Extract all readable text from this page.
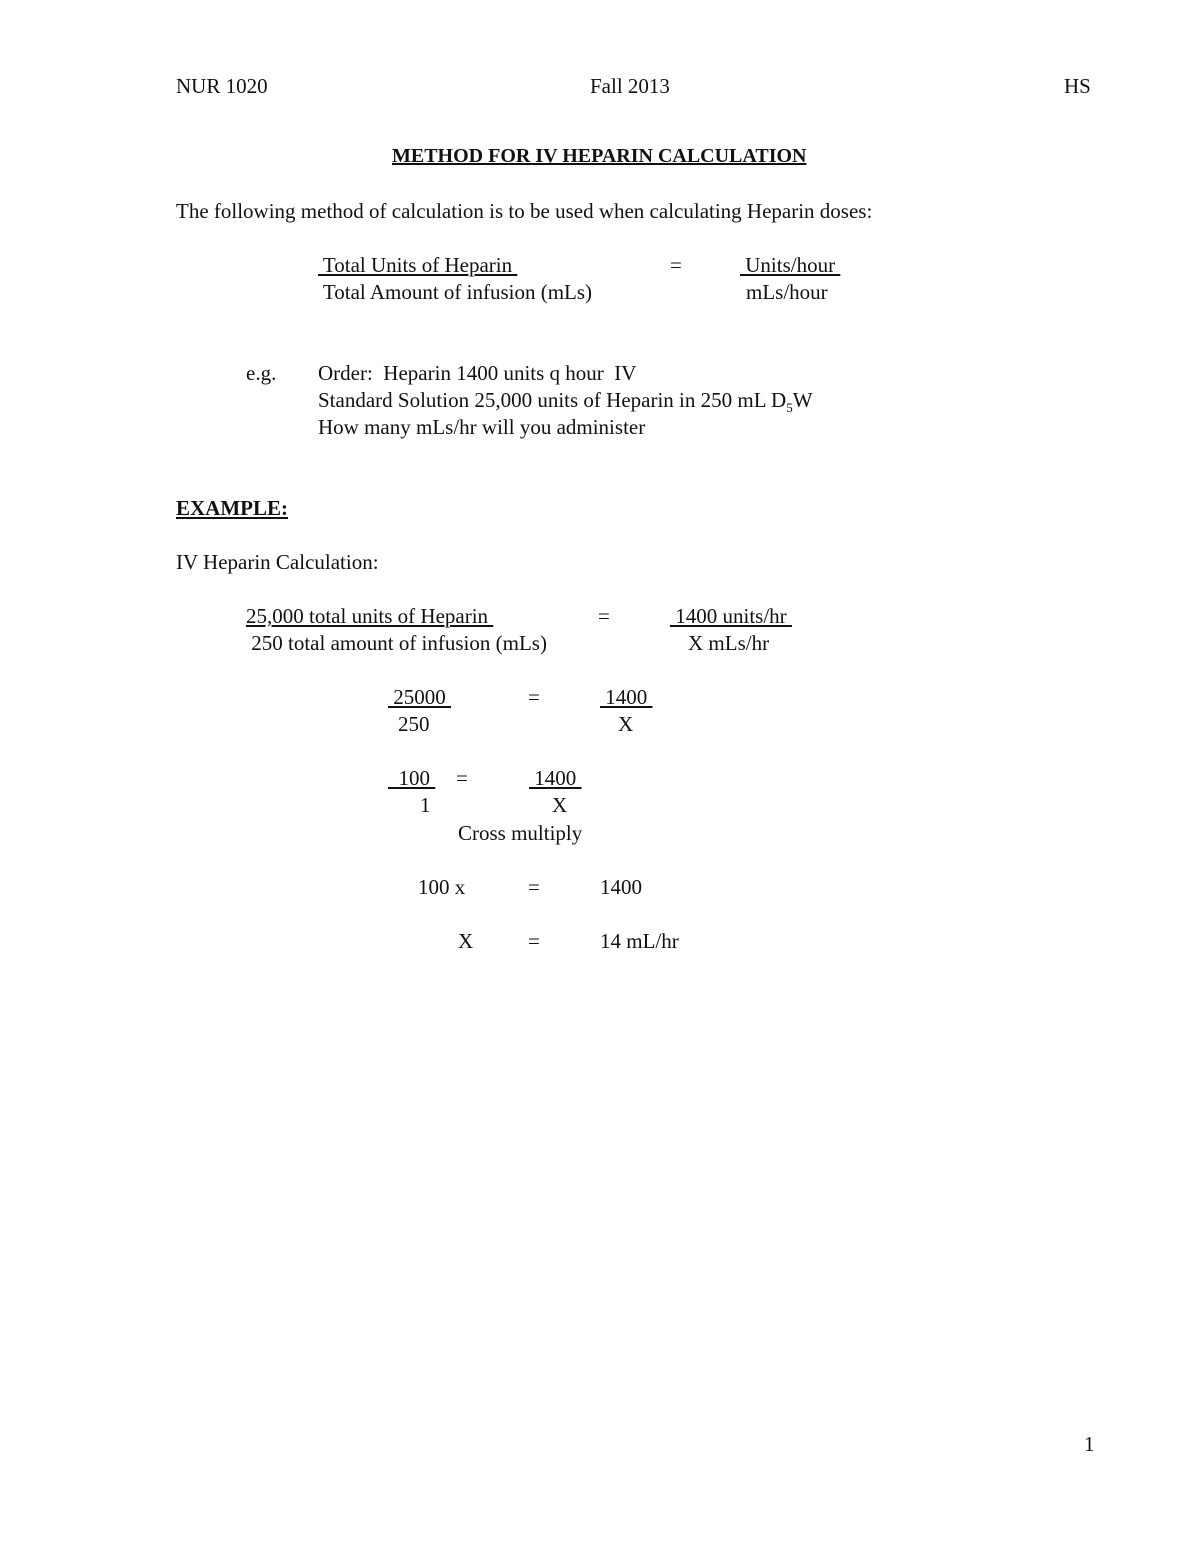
NUR 1020	Fall 2013	HS
METHOD FOR IV HEPARIN CALCULATION
The following method of calculation is to be used when calculating Heparin doses:
Total Units of Heparin
Total Amount of infusion (mLs)
=	Units/hour
mLs/hour
e.g. Order:  Heparin 1400 units q hour  IV
Standard Solution 25,000 units of Heparin in 250 mL $D_5W$
How many mLs/hr will you administer
EXAMPLE:
IV Heparin Calculation:
25,000 total units of Heparin
250 total amount of infusion (mLs)
=	1400 units/hr
X mLs/hr
25000
250
=	1400
X
100
1
=	1400
X
Cross multiply
100 x	=	1400
X	=	14 mL/hr
1
